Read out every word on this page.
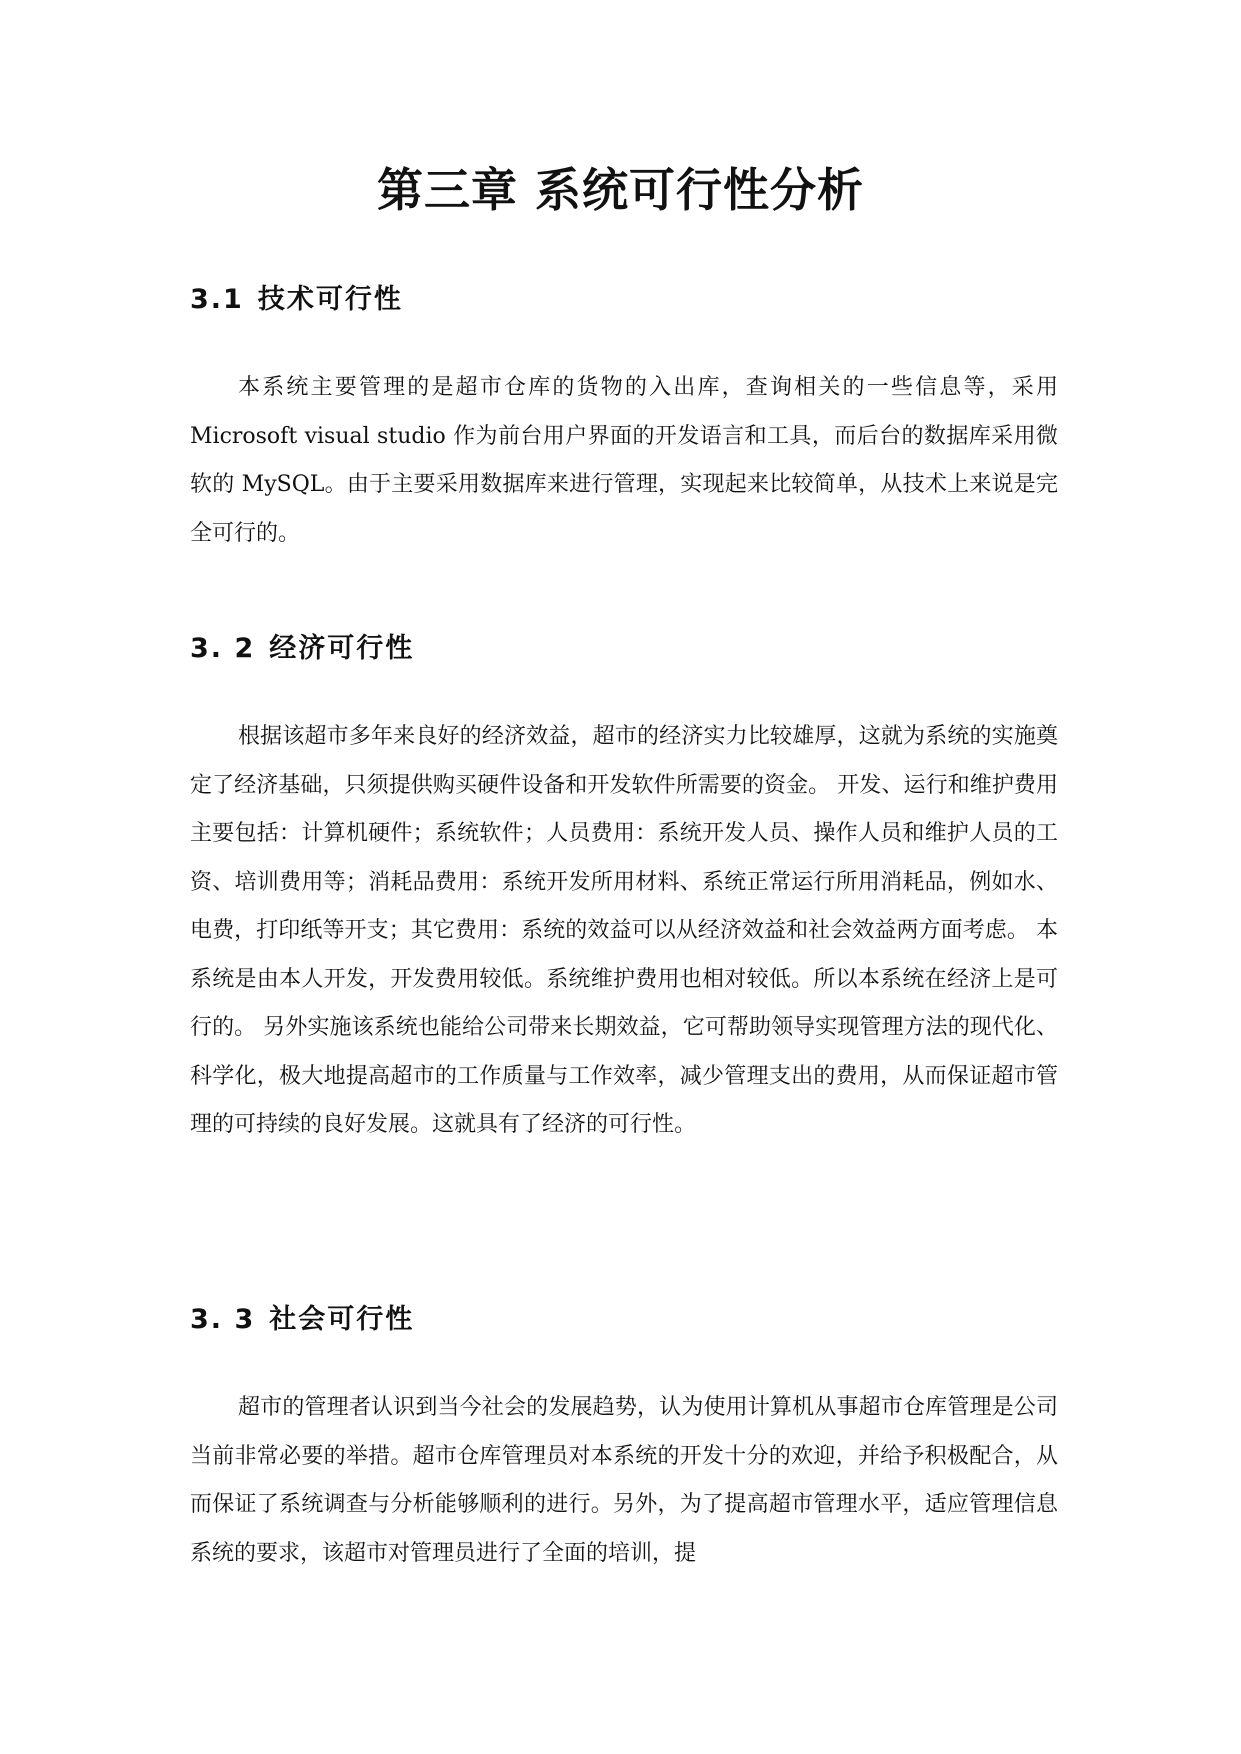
第三章 系统可行性分析
3.1 技术可行性

本系统主要管理的是超市仓库的货物的入出库，查询相关的一些信息等，采用 Microsoft visual studio 作为前台用户界面的开发语言和工具，而后台的数据库采用微软的 MySQL。由于主要采用数据库来进行管理，实现起来比较简单，从技术上来说是完全可行的。

3. 2 经济可行性

根据该超市多年来良好的经济效益，超市的经济实力比较雄厚，这就为系统的实施奠定了经济基础，只须提供购买硬件设备和开发软件所需要的资金。 开发、运行和维护费用主要包括：计算机硬件；系统软件；人员费用：系统开发人员、操作人员和维护人员的工资、培训费用等；消耗品费用：系统开发所用材料、系统正常运行所用消耗品，例如水、电费，打印纸等开支；其它费用：系统的效益可以从经济效益和社会效益两方面考虑。 本系统是由本人开发，开发费用较低。系统维护费用也相对较低。所以本系统在经济上是可行的。 另外实施该系统也能给公司带来长期效益，它可帮助领导实现管理方法的现代化、科学化，极大地提高超市的工作质量与工作效率，减少管理支出的费用，从而保证超市管理的可持续的良好发展。这就具有了经济的可行性。

3. 3 社会可行性

超市的管理者认识到当今社会的发展趋势，认为使用计算机从事超市仓库管理是公司当前非常必要的举措。超市仓库管理员对本系统的开发十分的欢迎，并给予积极配合，从而保证了系统调查与分析能够顺利的进行。另外，为了提高超市管理水平，适应管理信息系统的要求，该超市对管理员进行了全面的培训，提
